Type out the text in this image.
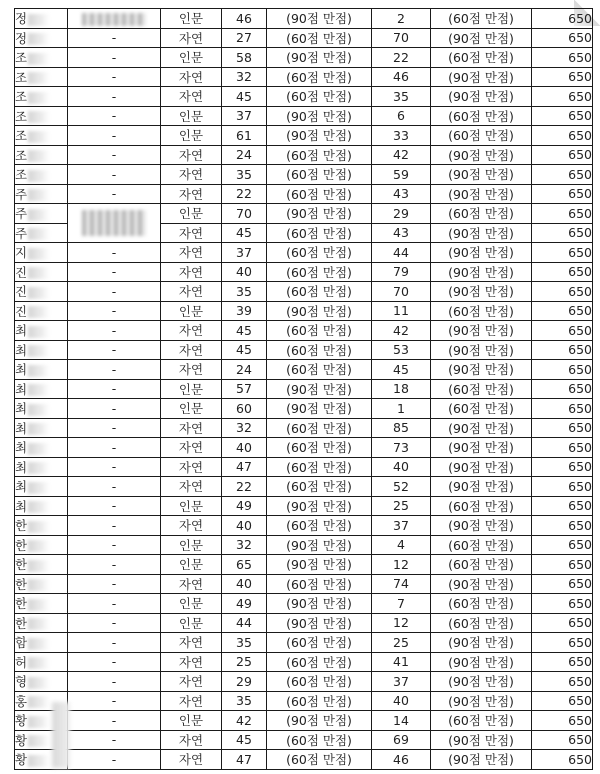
정		인문	46	(90점 만점)	2	(60점 만점)	650
정	-	자연	27	(60점 만점)	70	(90점 만점)	650
조	-	인문	58	(90점 만점)	22	(60점 만점)	650
조	-	자연	32	(60점 만점)	46	(90점 만점)	650
조	-	자연	45	(60점 만점)	35	(90점 만점)	650
조	-	인문	37	(90점 만점)	6	(60점 만점)	650
조	-	인문	61	(90점 만점)	33	(60점 만점)	650
조	-	자연	24	(60점 만점)	42	(90점 만점)	650
조	-	자연	35	(60점 만점)	59	(90점 만점)	650
주	-	자연	22	(60점 만점)	43	(90점 만점)	650
주		인문	70	(90점 만점)	29	(60점 만점)	650
주		자연	45	(60점 만점)	43	(90점 만점)	650
지	-	자연	37	(60점 만점)	44	(90점 만점)	650
진	-	자연	40	(60점 만점)	79	(90점 만점)	650
진	-	자연	35	(60점 만점)	70	(90점 만점)	650
진	-	인문	39	(90점 만점)	11	(60점 만점)	650
최	-	자연	45	(60점 만점)	42	(90점 만점)	650
최	-	자연	45	(60점 만점)	53	(90점 만점)	650
최	-	자연	24	(60점 만점)	45	(90점 만점)	650
최	-	인문	57	(90점 만점)	18	(60점 만점)	650
최	-	인문	60	(90점 만점)	1	(60점 만점)	650
최	-	자연	32	(60점 만점)	85	(90점 만점)	650
최	-	자연	40	(60점 만점)	73	(90점 만점)	650
최	-	자연	47	(60점 만점)	40	(90점 만점)	650
최	-	자연	22	(60점 만점)	52	(90점 만점)	650
최	-	인문	49	(90점 만점)	25	(60점 만점)	650
한	-	자연	40	(60점 만점)	37	(90점 만점)	650
한	-	인문	32	(90점 만점)	4	(60점 만점)	650
한	-	인문	65	(90점 만점)	12	(60점 만점)	650
한	-	자연	40	(60점 만점)	74	(90점 만점)	650
한	-	인문	49	(90점 만점)	7	(60점 만점)	650
한	-	인문	44	(90점 만점)	12	(60점 만점)	650
함	-	자연	35	(60점 만점)	25	(90점 만점)	650
허	-	자연	25	(60점 만점)	41	(90점 만점)	650
형	-	자연	29	(60점 만점)	37	(90점 만점)	650
홍	-	자연	35	(60점 만점)	40	(90점 만점)	650
황	-	인문	42	(90점 만점)	14	(60점 만점)	650
황	-	자연	45	(60점 만점)	69	(90점 만점)	650
황	-	자연	47	(60점 만점)	46	(90점 만점)	650
